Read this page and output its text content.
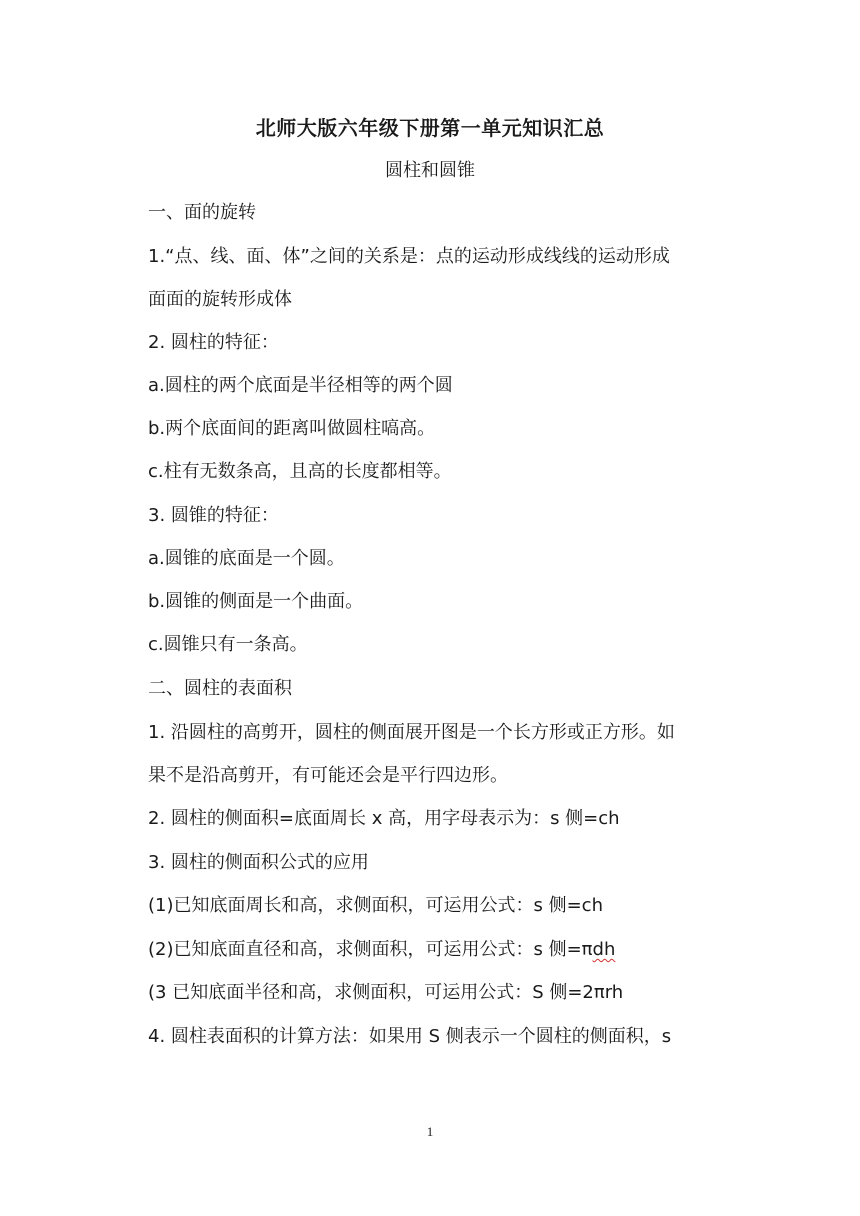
北师大版六年级下册第一单元知识汇总
圆柱和圆锥
一、面的旋转
1.“点、线、面、体”之间的关系是：点的运动形成线线的运动形成
面面的旋转形成体
2. 圆柱的特征：
a.圆柱的两个底面是半径相等的两个圆
b.两个底面间的距离叫做圆柱嗃高。
c.柱有无数条高，且高的长度都相等。
3. 圆锥的特征：
a.圆锥的底面是一个圆。
b.圆锥的侧面是一个曲面。
c.圆锥只有一条高。
二、圆柱的表面积
1. 沿圆柱的高剪开，圆柱的侧面展开图是一个长方形或正方形。如
果不是沿高剪开，有可能还会是平行四边形。
2. 圆柱的侧面积=底面周长 x 高，用字母表示为：s 侧=ch
3. 圆柱的侧面积公式的应用
(1)已知底面周长和高，求侧面积，可运用公式：s 侧=ch
(2)已知底面直径和高，求侧面积，可运用公式：s 侧=πdh
(3 已知底面半径和高，求侧面积，可运用公式：S 侧=2πrh
4. 圆柱表面积的计算方法：如果用 S 侧表示一个圆柱的侧面积，s
1
